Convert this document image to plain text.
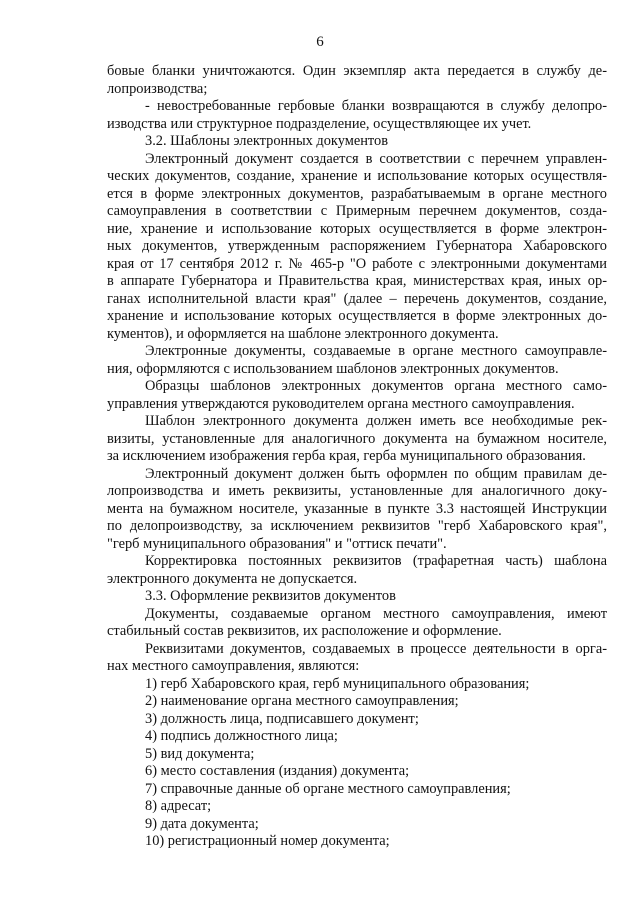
6
бовые бланки уничтожаются. Один экземпляр акта передается в службу де-
лопроизводства;
- невостребованные гербовые бланки возвращаются в службу делопро-
изводства или структурное подразделение, осуществляющее их учет.
3.2. Шаблоны электронных документов
Электронный документ создается в соответствии с перечнем управлен-
ческих документов, создание, хранение и использование которых осуществля-
ется в форме электронных документов, разрабатываемым в органе местного
самоуправления в соответствии с Примерным перечнем документов, созда-
ние, хранение и использование которых осуществляется в форме электрон-
ных документов, утвержденным распоряжением Губернатора Хабаровского
края от 17 сентября 2012 г. № 465-р "О работе с электронными документами
в аппарате Губернатора и Правительства края, министерствах края, иных ор-
ганах исполнительной власти края" (далее – перечень документов, создание,
хранение и использование которых осуществляется в форме электронных до-
кументов), и оформляется на шаблоне электронного документа.
Электронные документы, создаваемые в органе местного самоуправле-
ния, оформляются с использованием шаблонов электронных документов.
Образцы шаблонов электронных документов органа местного само-
управления утверждаются руководителем органа местного самоуправления.
Шаблон электронного документа должен иметь все необходимые рек-
визиты, установленные для аналогичного документа на бумажном носителе,
за исключением изображения герба края, герба муниципального образования.
Электронный документ должен быть оформлен по общим правилам де-
лопроизводства и иметь реквизиты, установленные для аналогичного доку-
мента на бумажном носителе, указанные в пункте 3.3 настоящей Инструкции
по делопроизводству, за исключением реквизитов "герб Хабаровского края",
"герб муниципального образования" и "оттиск печати".
Корректировка постоянных реквизитов (трафаретная часть) шаблона
электронного документа не допускается.
3.3. Оформление реквизитов документов
Документы, создаваемые органом местного самоуправления, имеют
стабильный состав реквизитов, их расположение и оформление.
Реквизитами документов, создаваемых в процессе деятельности в орга-
нах местного самоуправления, являются:
1) герб Хабаровского края, герб муниципального образования;
2) наименование органа местного самоуправления;
3) должность лица, подписавшего документ;
4) подпись должностного лица;
5) вид документа;
6) место составления (издания) документа;
7) справочные данные об органе местного самоуправления;
8) адресат;
9) дата документа;
10) регистрационный номер документа;
